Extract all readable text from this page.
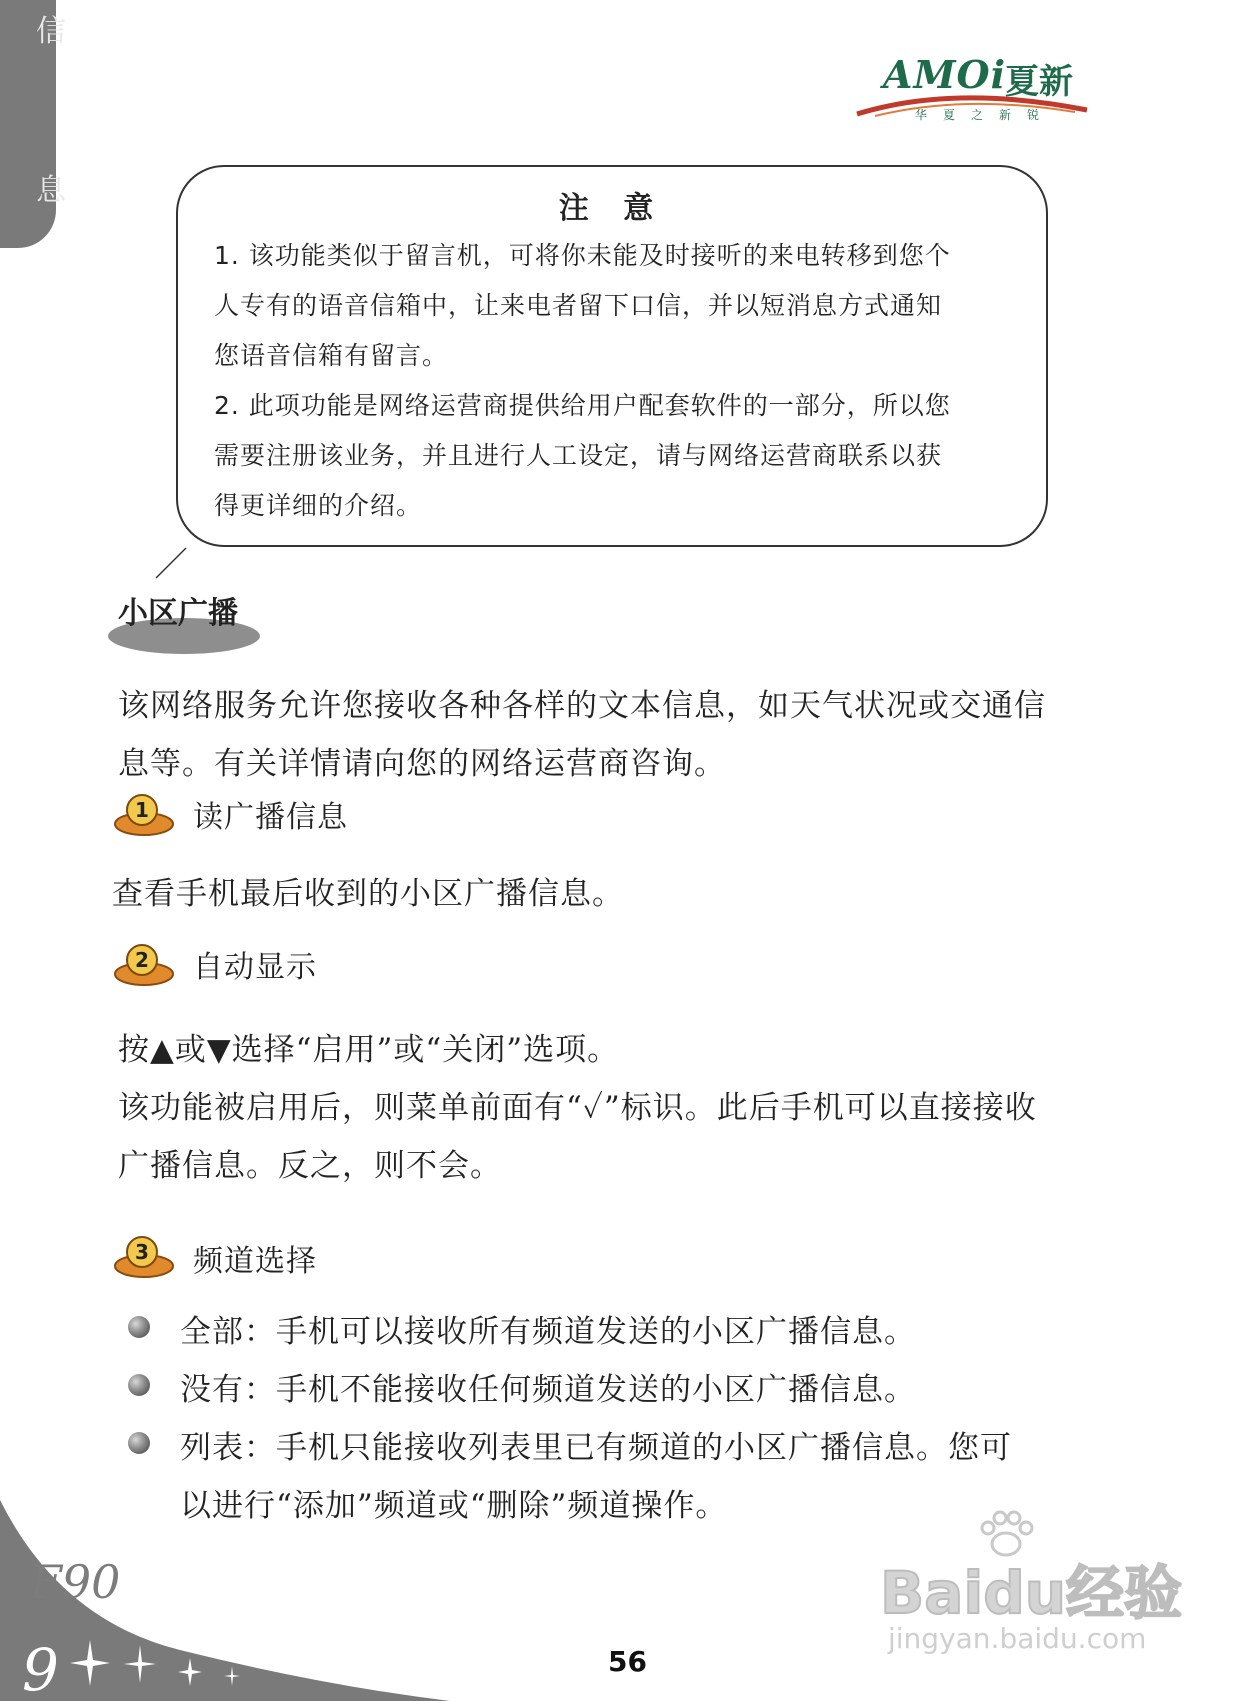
信
息
AMOi
夏新
华夏之新锐
注 意
1. 该功能类似于留言机，可将你未能及时接听的来电转移到您个
人专有的语音信箱中，让来电者留下口信，并以短消息方式通知
您语音信箱有留言。
2. 此项功能是网络运营商提供给用户配套软件的一部分，所以您
需要注册该业务，并且进行人工设定，请与网络运营商联系以获
得更详细的介绍。
小区广播
该网络服务允许您接收各种各样的文本信息，如天气状况或交通信
息等。有关详情请向您的网络运营商咨询。
1 读广播信息
查看手机最后收到的小区广播信息。
2 自动显示
按▲或▼选择“启用”或“关闭”选项。
该功能被启用后，则菜单前面有“✓”标识。此后手机可以直接接收
广播信息。反之，则不会。
3 频道选择
全部：手机可以接收所有频道发送的小区广播信息。
没有：手机不能接收任何频道发送的小区广播信息。
列表：手机只能接收列表里已有频道的小区广播信息。您可
以进行“添加”频道或“删除”频道操作。
9
F90
56
Baidu经验
jingyan.baidu.com
